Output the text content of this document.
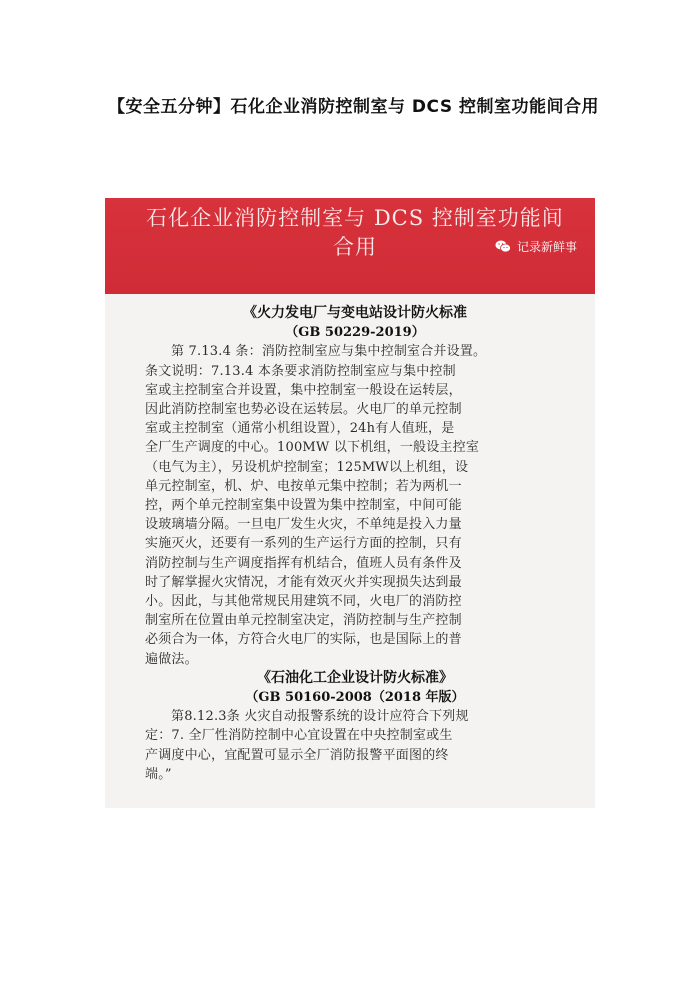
【安全五分钟】石化企业消防控制室与 DCS 控制室功能间合用
石化企业消防控制室与 DCS 控制室功能间
合用	记录新鲜事
《火力发电厂与变电站设计防火标准
（GB 50229-2019）
第 7.13.4 条：消防控制室应与集中控制室合并设置。
条文说明：7.13.4 本条要求消防控制室应与集中控制
室或主控制室合并设置，集中控制室一般设在运转层，
因此消防控制室也势必设在运转层。火电厂的单元控制
室或主控制室（通常小机组设置），24h有人值班，是
全厂生产调度的中心。100MW 以下机组，一般设主控室
（电气为主），另设机炉控制室；125MW以上机组，设
单元控制室，机、炉、电按单元集中控制；若为两机一
控，两个单元控制室集中设置为集中控制室，中间可能
设玻璃墙分隔。一旦电厂发生火灾，不单纯是投入力量
实施灭火，还要有一系列的生产运行方面的控制，只有
消防控制与生产调度指挥有机结合，值班人员有条件及
时了解掌握火灾情况，才能有效灭火并实现损失达到最
小。因此，与其他常规民用建筑不同，火电厂的消防控
制室所在位置由单元控制室决定，消防控制与生产控制
必须合为一体，方符合火电厂的实际，也是国际上的普
遍做法。
《石油化工企业设计防火标准》
（GB 50160-2008（2018 年版）
第8.12.3条 火灾自动报警系统的设计应符合下列规
定：7. 全厂性消防控制中心宜设置在中央控制室或生
产调度中心，宜配置可显示全厂消防报警平面图的终
端。”
